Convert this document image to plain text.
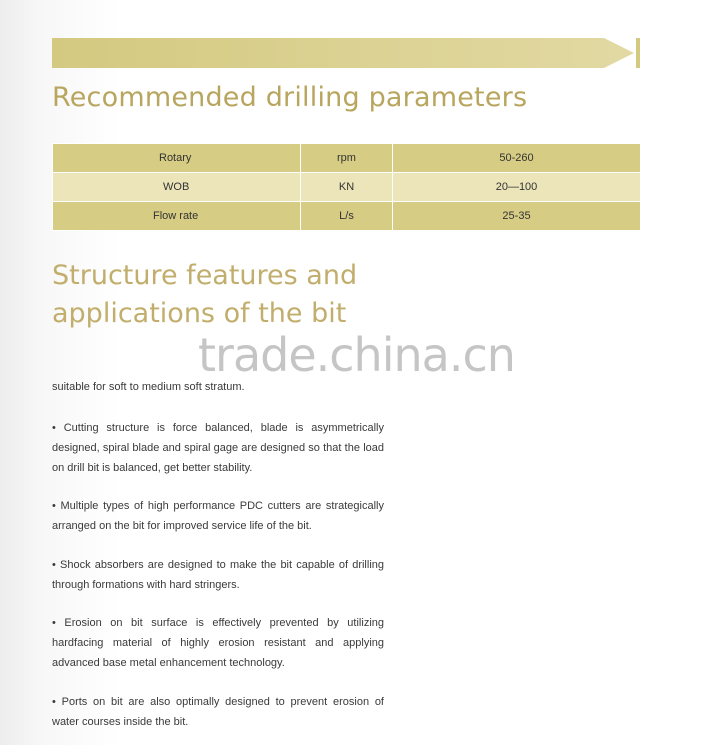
Recommended drilling parameters
Rotary	rpm	50-260
WOB	KN	20—100
Flow rate	L/s	25-35
Structure features and
applications of the bit
trade.china.cn

suitable for soft to medium soft stratum.

• Cutting structure is force balanced, blade is asymmetrically designed, spiral blade and spiral gage are designed so that the load on drill bit is balanced, get better stability.

• Multiple types of high performance PDC cutters are strategically arranged on the bit for improved service life of the bit.

• Shock absorbers are designed to make the bit capable of drilling through formations with hard stringers.

• Erosion on bit surface is effectively prevented by utilizing hardfacing material of highly erosion resistant and applying advanced base metal enhancement technology.

• Ports on bit are also optimally designed to prevent erosion of water courses inside the bit.
